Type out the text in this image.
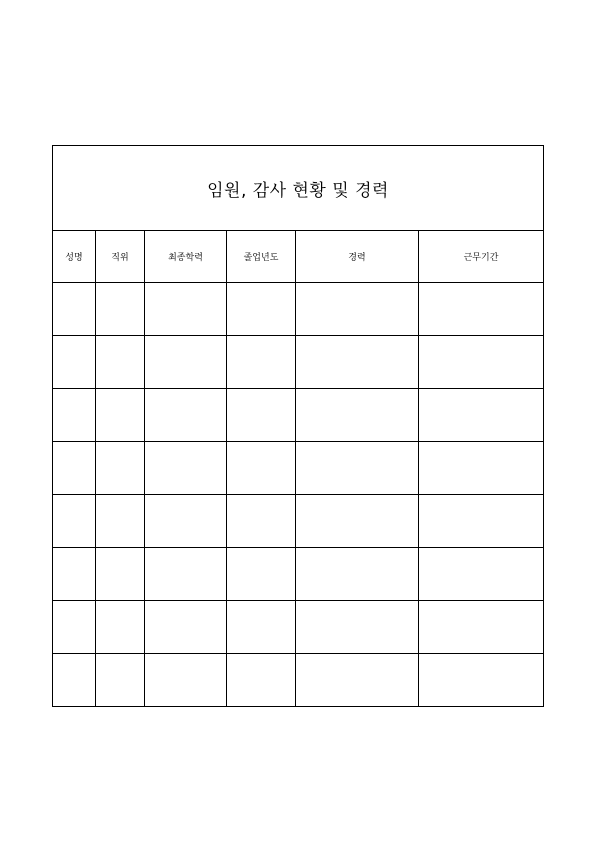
임원, 감사 현황 및 경력					
성명	직위	최종학력	졸업년도	경력	근무기간
